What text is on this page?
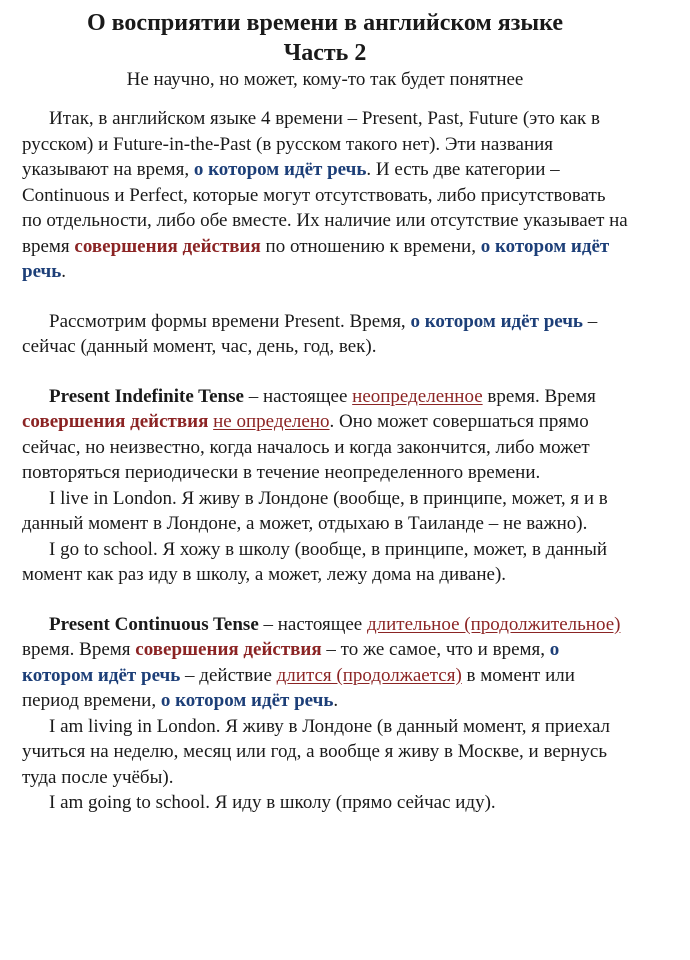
О восприятии времени в английском языке
Часть 2
Не научно, но может, кому-то так будет понятнее

Итак, в английском языке 4 времени – Present, Past, Future (это как в русском) и Future-in-the-Past (в русском такого нет). Эти названия указывают на время, о котором идёт речь. И есть две категории – Continuous и Perfect, которые могут отсутствовать, либо присутствовать по отдельности, либо обе вместе. Их наличие или отсутствие указывает на время совершения действия по отношению к времени, о котором идёт речь.

Рассмотрим формы времени Present. Время, о котором идёт речь – сейчас (данный момент, час, день, год, век).

Present Indefinite Tense – настоящее неопределенное время. Время совершения действия не определено. Оно может совершаться прямо сейчас, но неизвестно, когда началось и когда закончится, либо может повторяться периодически в течение неопределенного времени.

I live in London. Я живу в Лондоне (вообще, в принципе, может, я и в данный момент в Лондоне, а может, отдыхаю в Таиланде – не важно).

I go to school. Я хожу в школу (вообще, в принципе, может, в данный момент как раз иду в школу, а может, лежу дома на диване).

Present Continuous Tense – настоящее длительное (продолжительное) время. Время совершения действия – то же самое, что и время, о котором идёт речь – действие длится (продолжается) в момент или период времени, о котором идёт речь.

I am living in London. Я живу в Лондоне (в данный момент, я приехал учиться на неделю, месяц или год, а вообще я живу в Москве, и вернусь туда после учёбы).

I am going to school. Я иду в школу (прямо сейчас иду).
